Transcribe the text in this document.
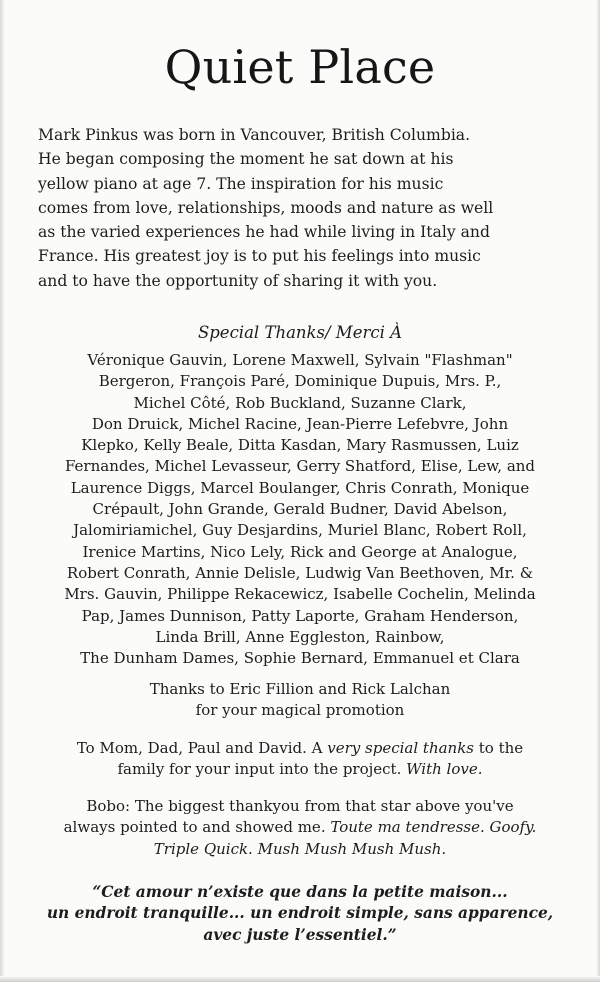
Quiet Place
Mark Pinkus was born in Vancouver, British Columbia.
He began composing the moment he sat down at his
yellow piano at age 7. The inspiration for his music
comes from love, relationships, moods and nature as well
as the varied experiences he had while living in Italy and
France. His greatest joy is to put his feelings into music
and to have the opportunity of sharing it with you.
Special Thanks/ Merci À
Véronique Gauvin, Lorene Maxwell, Sylvain "Flashman"
Bergeron, François Paré, Dominique Dupuis, Mrs. P.,
Michel Côté, Rob Buckland, Suzanne Clark,
Don Druick, Michel Racine, Jean-Pierre Lefebvre, John
Klepko, Kelly Beale, Ditta Kasdan, Mary Rasmussen, Luiz
Fernandes, Michel Levasseur, Gerry Shatford, Elise, Lew, and
Laurence Diggs, Marcel Boulanger, Chris Conrath, Monique
Crépault, John Grande, Gerald Budner, David Abelson,
Jalomiriamichel, Guy Desjardins, Muriel Blanc, Robert Roll,
Irenice Martins, Nico Lely, Rick and George at Analogue,
Robert Conrath, Annie Delisle, Ludwig Van Beethoven, Mr. &
Mrs. Gauvin, Philippe Rekacewicz, Isabelle Cochelin, Melinda
Pap, James Dunnison, Patty Laporte, Graham Henderson,
Linda Brill, Anne Eggleston, Rainbow,
The Dunham Dames, Sophie Bernard, Emmanuel et Clara
Thanks to Eric Fillion and Rick Lalchan
for your magical promotion
To Mom, Dad, Paul and David. A very special thanks to the
family for your input into the project. With love.
Bobo: The biggest thankyou from that star above you've
always pointed to and showed me. Toute ma tendresse. Goofy.
Triple Quick. Mush Mush Mush Mush.
“Cet amour n’existe que dans la petite maison...
un endroit tranquille... un endroit simple, sans apparence,
avec juste l’essentiel.”
